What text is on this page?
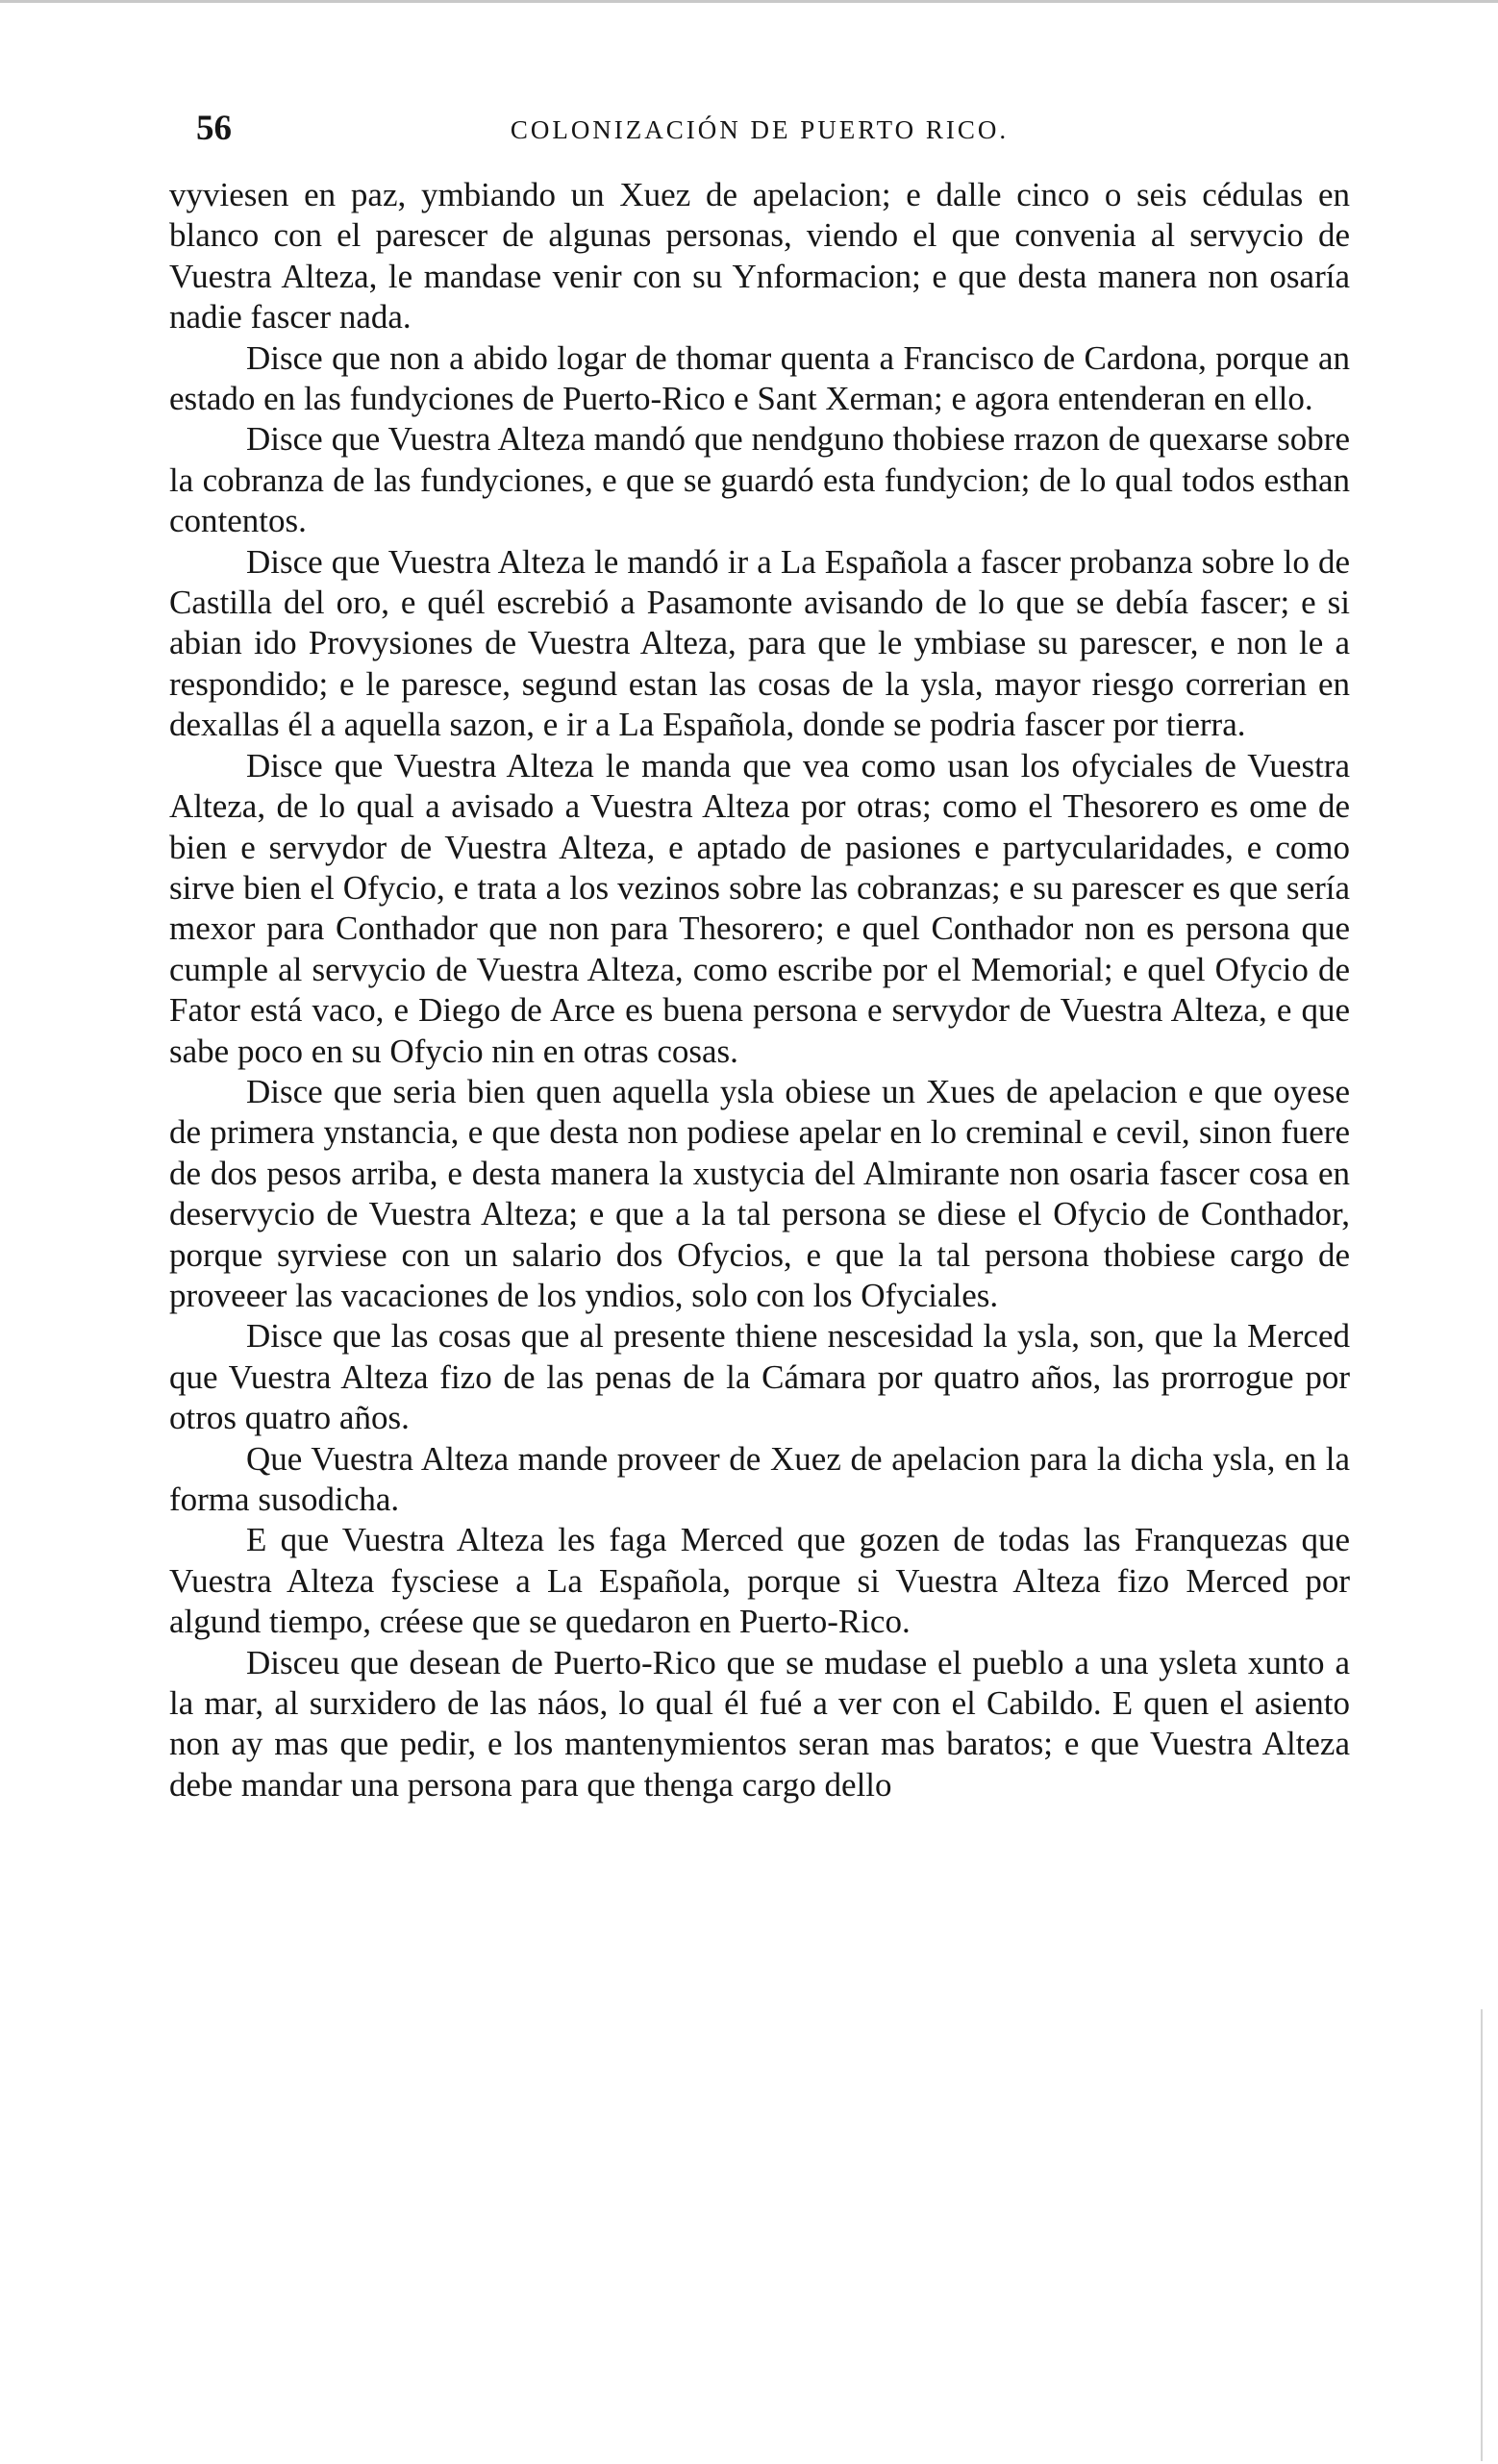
56	COLONIZACIÓN DE PUERTO RICO.

vyviesen en paz, ymbiando un Xuez de apelacion; e dalle cinco o seis cédulas en blanco con el parescer de algunas personas, viendo el que convenia al servycio de Vuestra Alteza, le mandase venir con su Ynformacion; e que desta manera non osaría nadie fascer nada.

Disce que non a abido logar de thomar quenta a Francisco de Cardona, porque an estado en las fundyciones de Puerto-Rico e Sant Xerman; e agora entenderan en ello.

Disce que Vuestra Alteza mandó que nendguno thobiese rrazon de quexarse sobre la cobranza de las fundyciones, e que se guardó esta fundycion; de lo qual todos esthan contentos.

Disce que Vuestra Alteza le mandó ir a La Española a fascer probanza sobre lo de Castilla del oro, e quél escrebió a Pasamonte avisando de lo que se debía fascer; e si abian ido Provysiones de Vuestra Alteza, para que le ymbiase su parescer, e non le a respondido; e le paresce, segund estan las cosas de la ysla, mayor riesgo correrian en dexallas él a aquella sazon, e ir a La Española, donde se podria fascer por tierra.

Disce que Vuestra Alteza le manda que vea como usan los ofyciales de Vuestra Alteza, de lo qual a avisado a Vuestra Alteza por otras; como el Thesorero es ome de bien e servydor de Vuestra Alteza, e aptado de pasiones e partycularidades, e como sirve bien el Ofycio, e trata a los vezinos sobre las cobranzas; e su parescer es que sería mexor para Conthador que non para Thesorero; e quel Conthador non es persona que cumple al servycio de Vuestra Alteza, como escribe por el Memorial; e quel Ofycio de Fator está vaco, e Diego de Arce es buena persona e servydor de Vuestra Alteza, e que sabe poco en su Ofycio nin en otras cosas.

Disce que seria bien quen aquella ysla obiese un Xues de apelacion e que oyese de primera ynstancia, e que desta non podiese apelar en lo creminal e cevil, sinon fuere de dos pesos arriba, e desta manera la xustycia del Almirante non osaria fascer cosa en deservycio de Vuestra Alteza; e que a la tal persona se diese el Ofycio de Conthador, porque syrviese con un salario dos Ofycios, e que la tal persona thobiese cargo de proveeer las vacaciones de los yndios, solo con los Ofyciales.

Disce que las cosas que al presente thiene nescesidad la ysla, son, que la Merced que Vuestra Alteza fizo de las penas de la Cámara por quatro años, las prorrogue por otros quatro años.

Que Vuestra Alteza mande proveer de Xuez de apelacion para la dicha ysla, en la forma susodicha.

E que Vuestra Alteza les faga Merced que gozen de todas las Franquezas que Vuestra Alteza fysciese a La Española, porque si Vuestra Alteza fizo Merced por algund tiempo, créese que se quedaron en Puerto-Rico.

Disceu que desean de Puerto-Rico que se mudase el pueblo a una ysleta xunto a la mar, al surxidero de las náos, lo qual él fué a ver con el Cabildo. E quen el asiento non ay mas que pedir, e los mantenymientos seran mas baratos; e que Vuestra Alteza debe mandar una persona para que thenga cargo dello
